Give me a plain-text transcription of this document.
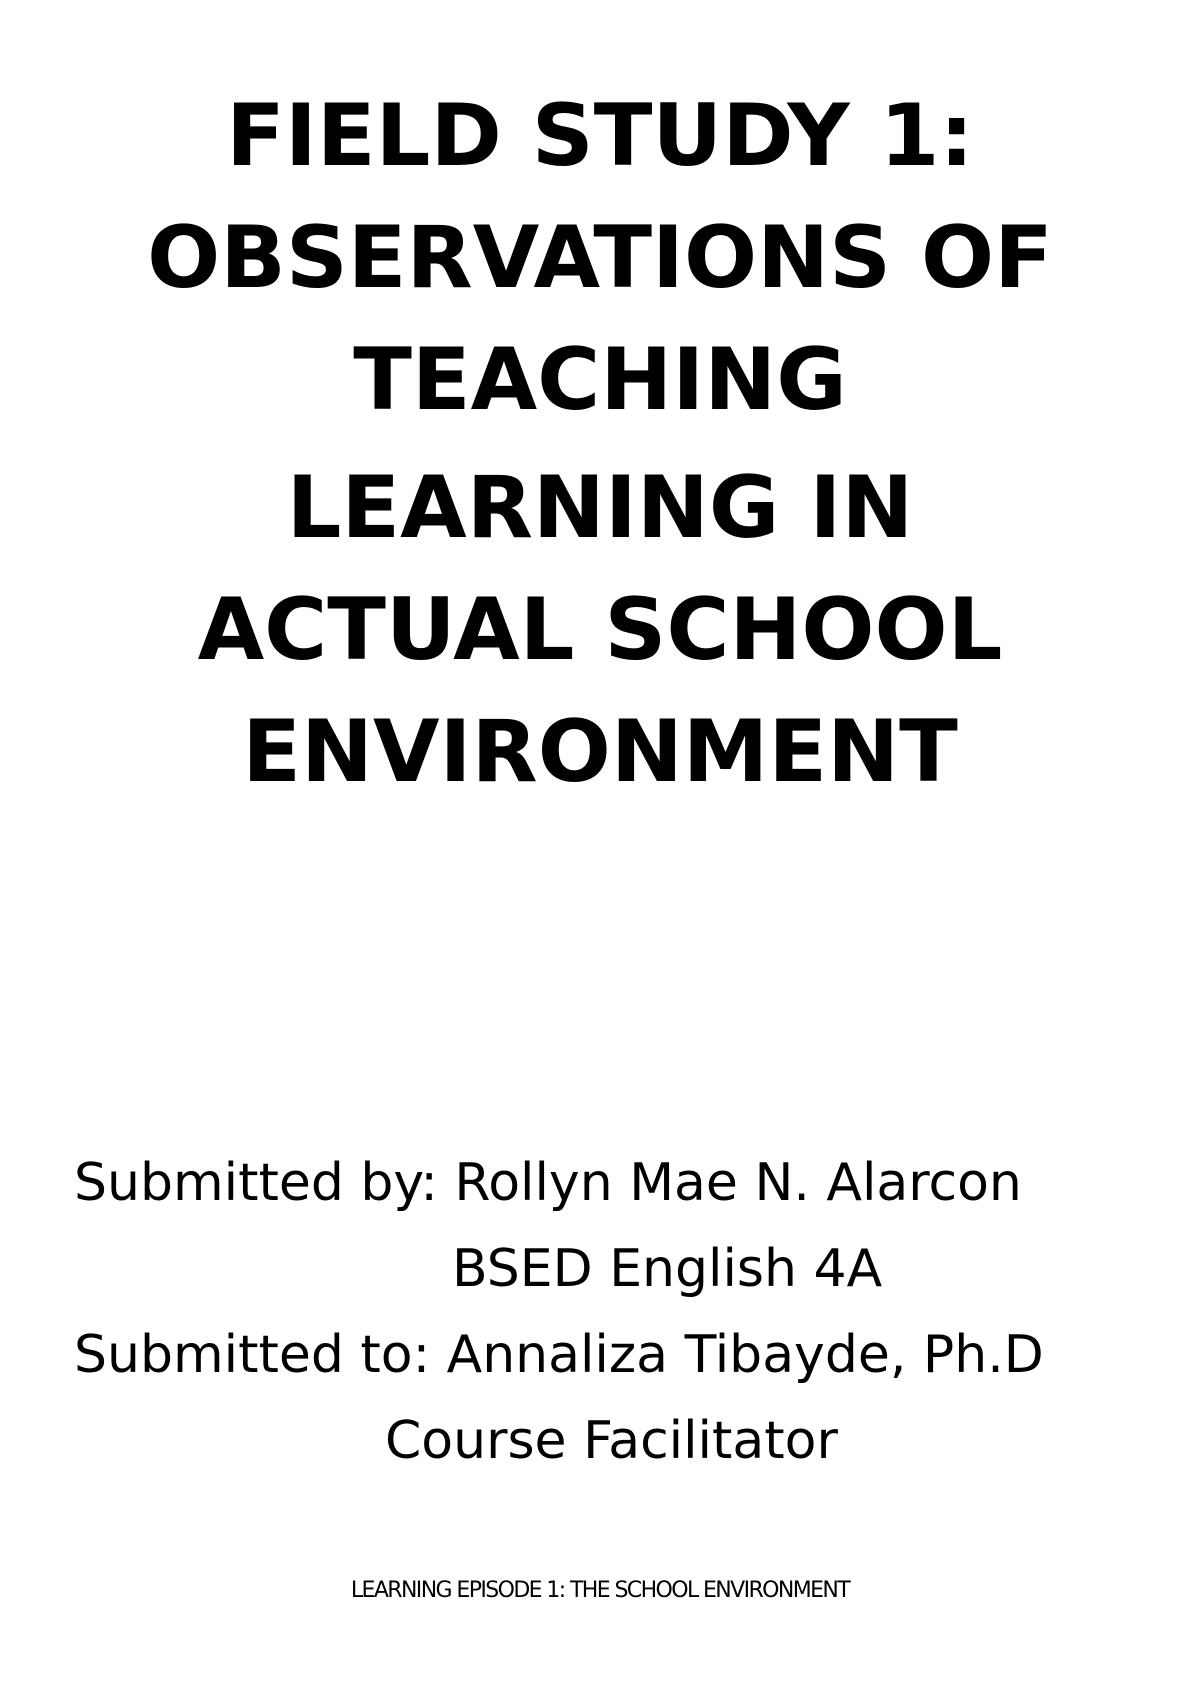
FIELD STUDY 1:
OBSERVATIONS OF
TEACHING
LEARNING IN
ACTUAL SCHOOL
ENVIRONMENT
Submitted by: Rollyn Mae N. Alarcon
BSED English 4A
Submitted to: Annaliza Tibayde, Ph.D
Course Facilitator
LEARNING EPISODE 1: THE SCHOOL ENVIRONMENT
